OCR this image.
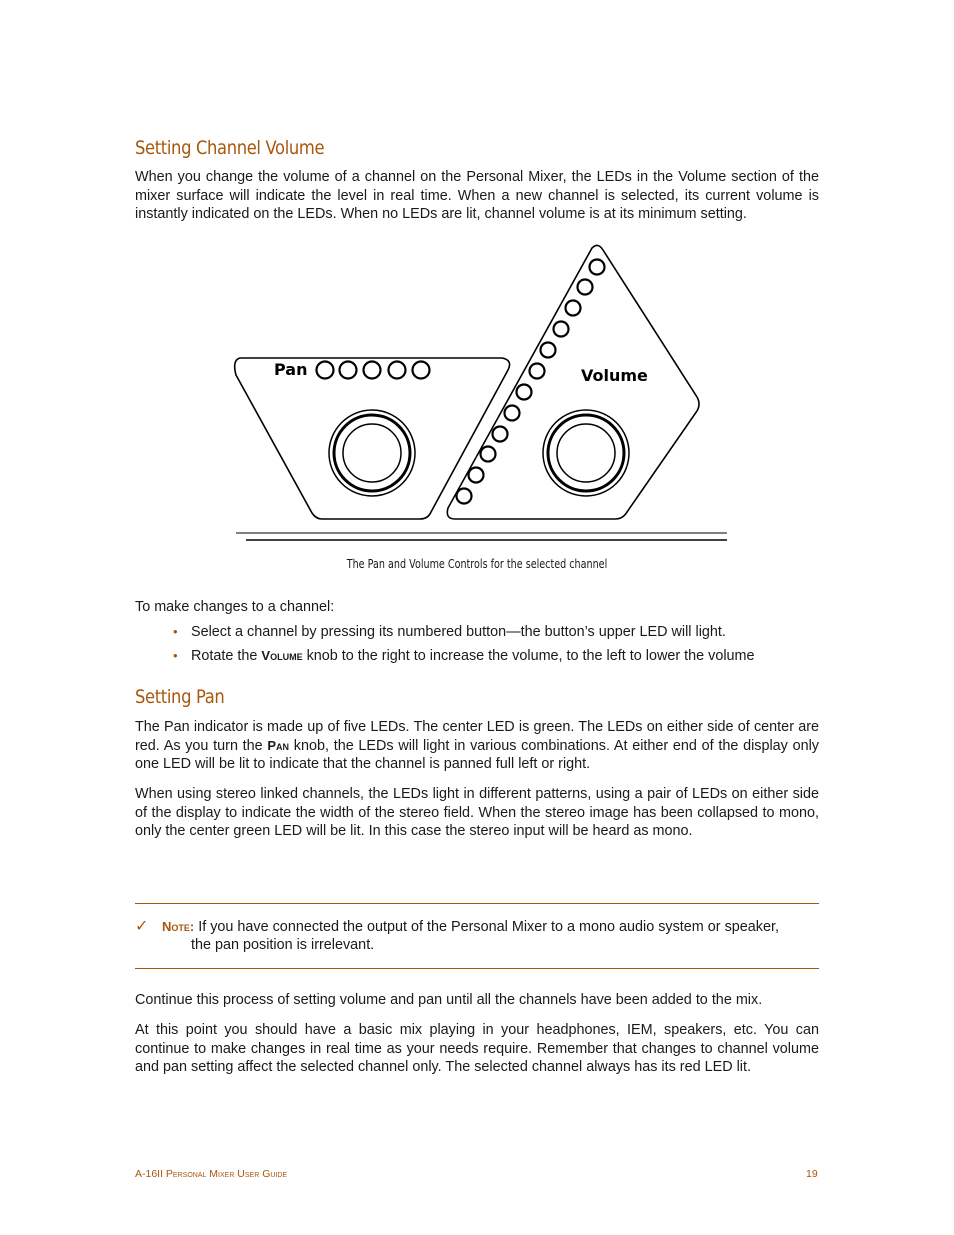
Setting Channel Volume
When you change the volume of a channel on the Personal Mixer, the LEDs in the Volume section of the mixer surface will indicate the level in real time. When a new channel is selected, its current volume is instantly indicated on the LEDs. When no LEDs are lit, channel volume is at its minimum setting.
Pan	Volume
The Pan and Volume Controls for the selected channel
To make changes to a channel:
• Select a channel by pressing its numbered button—the button’s upper LED will light.
• Rotate the Volume knob to the right to increase the volume, to the left to lower the volume
Setting Pan
The Pan indicator is made up of five LEDs. The center LED is green. The LEDs on either side of center are red. As you turn the Pan knob, the LEDs will light in various combinations. At either end of the display only one LED will be lit to indicate that the channel is panned full left or right.
When using stereo linked channels, the LEDs light in different patterns, using a pair of LEDs on either side of the display to indicate the width of the stereo field. When the stereo image has been collapsed to mono, only the center green LED will be lit. In this case the stereo input will be heard as mono.
✓ Note: If you have connected the output of the Personal Mixer to a mono audio system or speaker,
the pan position is irrelevant.
Continue this process of setting volume and pan until all the channels have been added to the mix.
At this point you should have a basic mix playing in your headphones, IEM, speakers, etc. You can continue to make changes in real time as your needs require. Remember that changes to channel volume and pan setting affect the selected channel only. The selected channel always has its red LED lit.
A-16II Personal Mixer User Guide	19
